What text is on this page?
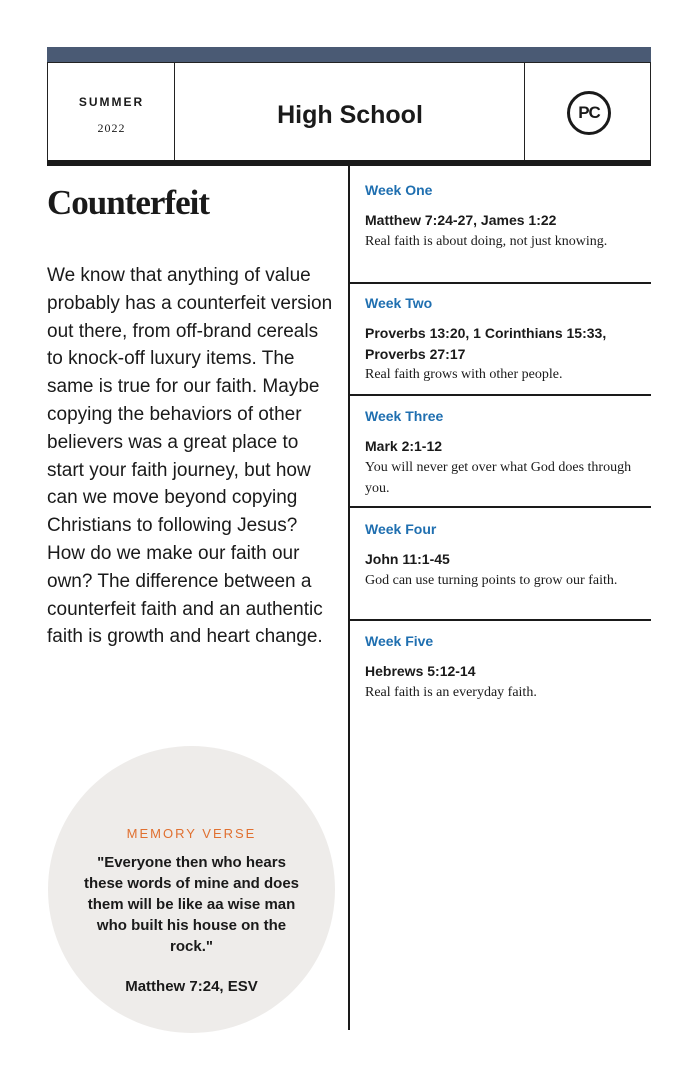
SUMMER
2022	High School	PC
Counterfeit
We know that anything of value probably has a counterfeit version out there, from off-brand cereals to knock-off luxury items. The same is true for our faith. Maybe copying the behaviors of other believers was a great place to start your faith journey, but how can we move beyond copying Christians to following Jesus? How do we make our faith our own? The difference between a counterfeit faith and an authentic faith is growth and heart change.
MEMORY VERSE
"Everyone then who hears these words of mine and does them will be like aa wise man who built his house on the rock."
Matthew 7:24, ESV
Week One
Matthew 7:24-27, James 1:22
Real faith is about doing, not just knowing.
Week Two
Proverbs 13:20, 1 Corinthians 15:33, Proverbs 27:17
Real faith grows with other people.
Week Three
Mark 2:1-12
You will never get over what God does through you.
Week Four
John 11:1-45
God can use turning points to grow our faith.
Week Five
Hebrews 5:12-14
Real faith is an everyday faith.
